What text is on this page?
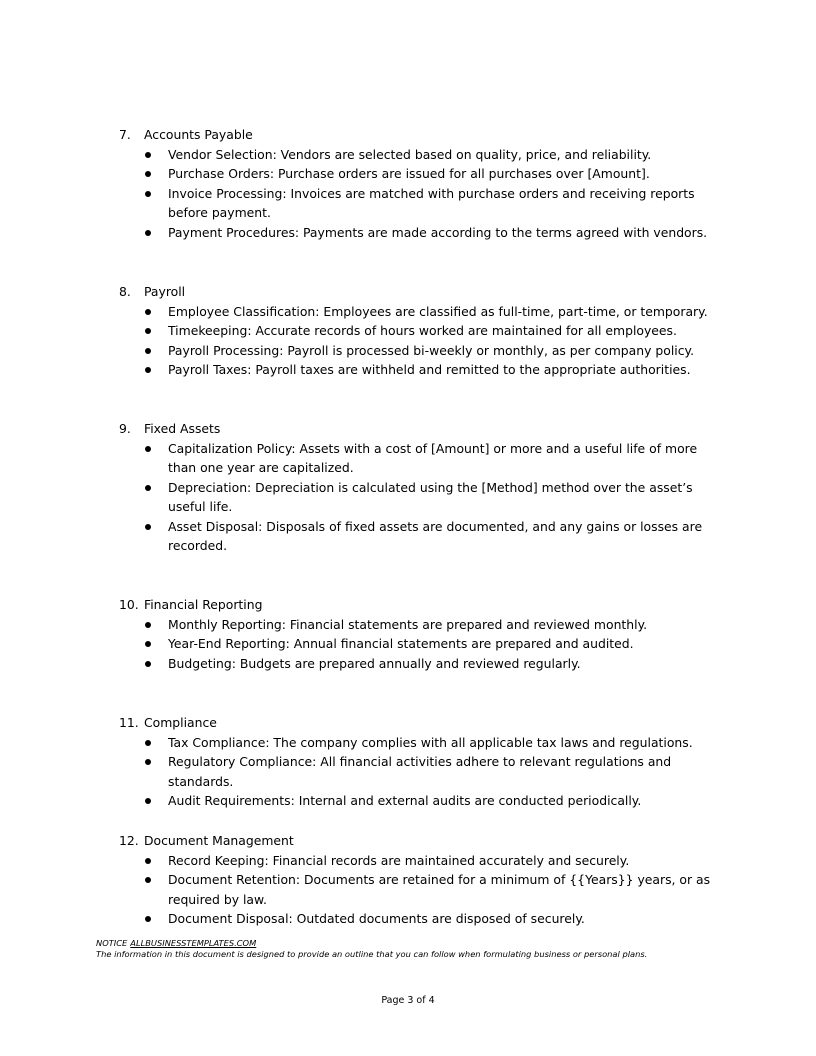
7.	Accounts Payable
Vendor Selection: Vendors are selected based on quality, price, and reliability.
Purchase Orders: Purchase orders are issued for all purchases over [Amount].
Invoice Processing: Invoices are matched with purchase orders and receiving reports before payment.
Payment Procedures: Payments are made according to the terms agreed with vendors.
8.	Payroll
Employee Classification: Employees are classified as full-time, part-time, or temporary.
Timekeeping: Accurate records of hours worked are maintained for all employees.
Payroll Processing: Payroll is processed bi-weekly or monthly, as per company policy.
Payroll Taxes: Payroll taxes are withheld and remitted to the appropriate authorities.
9.	Fixed Assets
Capitalization Policy: Assets with a cost of [Amount] or more and a useful life of more than one year are capitalized.
Depreciation: Depreciation is calculated using the [Method] method over the asset’s useful life.
Asset Disposal: Disposals of fixed assets are documented, and any gains or losses are recorded.
10. Financial Reporting
Monthly Reporting: Financial statements are prepared and reviewed monthly.
Year-End Reporting: Annual financial statements are prepared and audited.
Budgeting: Budgets are prepared annually and reviewed regularly.
11. Compliance
Tax Compliance: The company complies with all applicable tax laws and regulations.
Regulatory Compliance: All financial activities adhere to relevant regulations and standards.
Audit Requirements: Internal and external audits are conducted periodically.
12. Document Management
Record Keeping: Financial records are maintained accurately and securely.
Document Retention: Documents are retained for a minimum of {{Years}} years, or as required by law.
Document Disposal: Outdated documents are disposed of securely.
NOTICE ALLBUSINESSTEMPLATES.COM
The information in this document is designed to provide an outline that you can follow when formulating business or personal plans.
Page 3 of 4
